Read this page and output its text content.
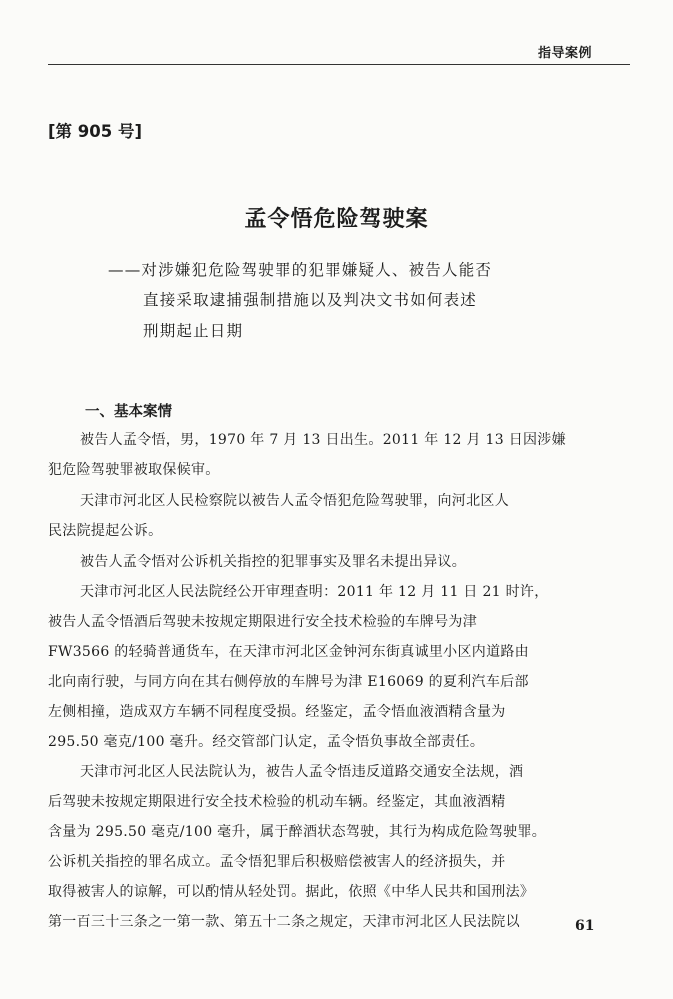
指导案例
[第 905 号]
孟令悟危险驾驶案
——对涉嫌犯危险驾驶罪的犯罪嫌疑人、被告人能否
直接采取逮捕强制措施以及判决文书如何表述
刑期起止日期
一、基本案情
被告人孟令悟，男，1970 年 7 月 13 日出生。2011 年 12 月 13 日因涉嫌
犯危险驾驶罪被取保候审。
天津市河北区人民检察院以被告人孟令悟犯危险驾驶罪，向河北区人
民法院提起公诉。
被告人孟令悟对公诉机关指控的犯罪事实及罪名未提出异议。
天津市河北区人民法院经公开审理查明：2011 年 12 月 11 日 21 时许，
被告人孟令悟酒后驾驶未按规定期限进行安全技术检验的车牌号为津
FW3566 的轻骑普通货车，在天津市河北区金钟河东街真诚里小区内道路由
北向南行驶，与同方向在其右侧停放的车牌号为津 E16069 的夏利汽车后部
左侧相撞，造成双方车辆不同程度受损。经鉴定，孟令悟血液酒精含量为
295.50 毫克/100 毫升。经交管部门认定，孟令悟负事故全部责任。
天津市河北区人民法院认为，被告人孟令悟违反道路交通安全法规，酒
后驾驶未按规定期限进行安全技术检验的机动车辆。经鉴定，其血液酒精
含量为 295.50 毫克/100 毫升，属于醉酒状态驾驶，其行为构成危险驾驶罪。
公诉机关指控的罪名成立。孟令悟犯罪后积极赔偿被害人的经济损失，并
取得被害人的谅解，可以酌情从轻处罚。据此，依照《中华人民共和国刑法》
第一百三十三条之一第一款、第五十二条之规定，天津市河北区人民法院以	61
